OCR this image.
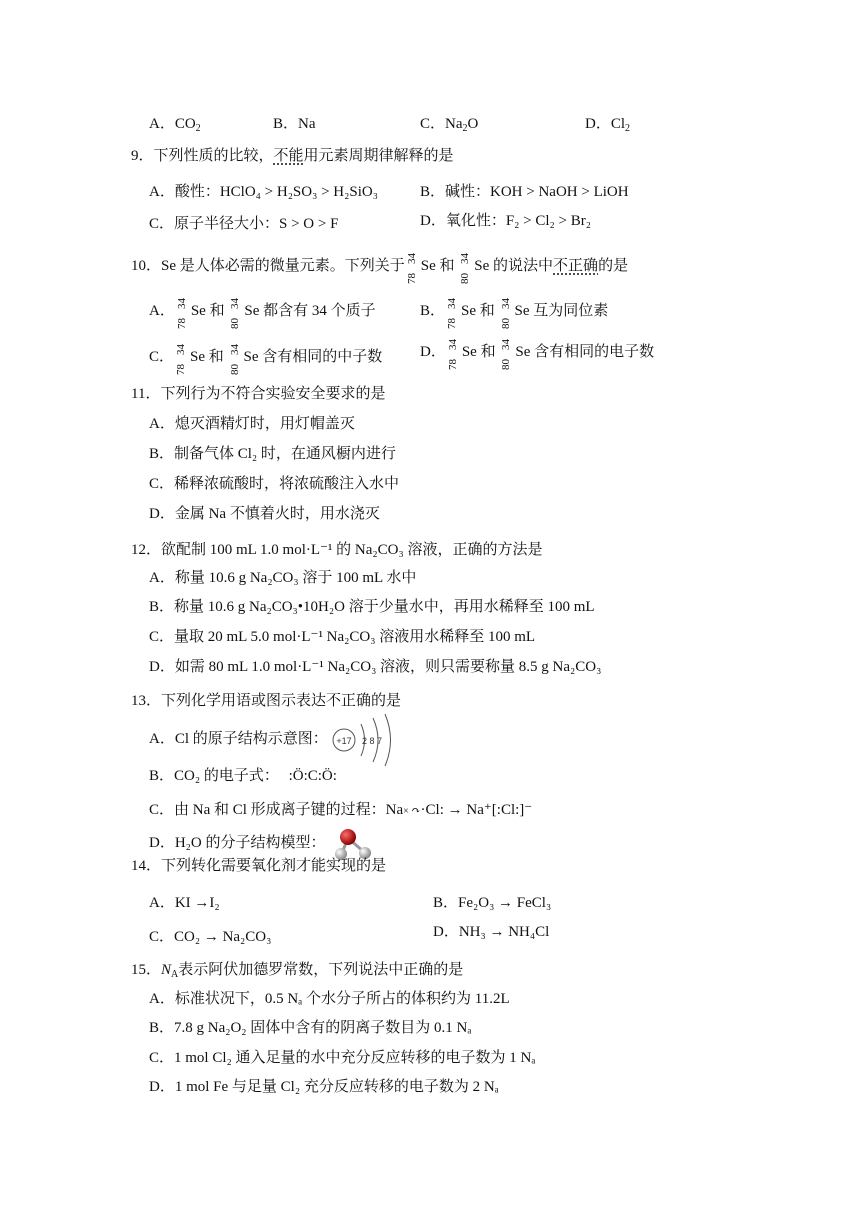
A．$CO_2$	B．Na	C．$Na_2O$	D．$Cl_2$
9．下列性质的比较，不能用元素周期律解释的是
A．酸性：HClO₄ > H₂SO₃ > H₂SiO₃	B．碱性：KOH > NaOH > LiOH
C．原子半径大小：S > O > F	D．氧化性：F₂ > Cl₂ > Br₂
10．Se 是人体必需的微量元素。下列关于
78
34 Se 和
80
34 Se 的说法中不正确的是
A．
78
34 Se 和
80
34 Se 都含有 34 个质子	B．
78
34 Se 和
80
34 Se 互为同位素
C．
78
34 Se 和
80
34 Se 含有相同的中子数	D．
78
34 Se 和
80
34 Se 含有相同的电子数
11．下列行为不符合实验安全要求的是
A．熄灭酒精灯时，用灯帽盖灭
B．制备气体 Cl₂ 时，在通风橱内进行
C．稀释浓硫酸时，将浓硫酸注入水中
D．金属 Na 不慎着火时，用水浇灭
12．欲配制 100 mL 1.0 mol·L⁻¹ 的 Na₂CO₃ 溶液，正确的方法是
A．称量 10.6 g Na₂CO₃ 溶于 100 mL 水中
B．称量 10.6 g Na₂CO₃•10H₂O 溶于少量水中，再用水稀释至 100 mL
C．量取 20 mL 5.0 mol·L⁻¹ Na₂CO₃ 溶液用水稀释至 100 mL
D．如需 80 mL 1.0 mol·L⁻¹ Na₂CO₃ 溶液，则只需要称量 8.5 g Na₂CO₃
13．下列化学用语或图示表达不正确的是
A．Cl 的原子结构示意图： +17 2 8 7
B．CO₂ 的电子式： :Ö:C:Ö:
C．由 Na 和 Cl 形成离子键的过程：Na× ↷·Cl: → Na⁺[:Cl:]⁻
D．H₂O 的分子结构模型：
14．下列转化需要氧化剂才能实现的是
A．KI →I₂	B．Fe₂O₃ → FeCl₃
C．CO₂ → Na₂CO₃	D．NH₃ → NH₄Cl
15．$N_A$表示阿伏加德罗常数，下列说法中正确的是
A．标准状况下，0.5 Nₐ 个水分子所占的体积约为 11.2L
B．7.8 g Na₂O₂ 固体中含有的阴离子数目为 0.1 Nₐ
C．1 mol Cl₂ 通入足量的水中充分反应转移的电子数为 1 Nₐ
D．1 mol Fe 与足量 Cl₂ 充分反应转移的电子数为 2 Nₐ
